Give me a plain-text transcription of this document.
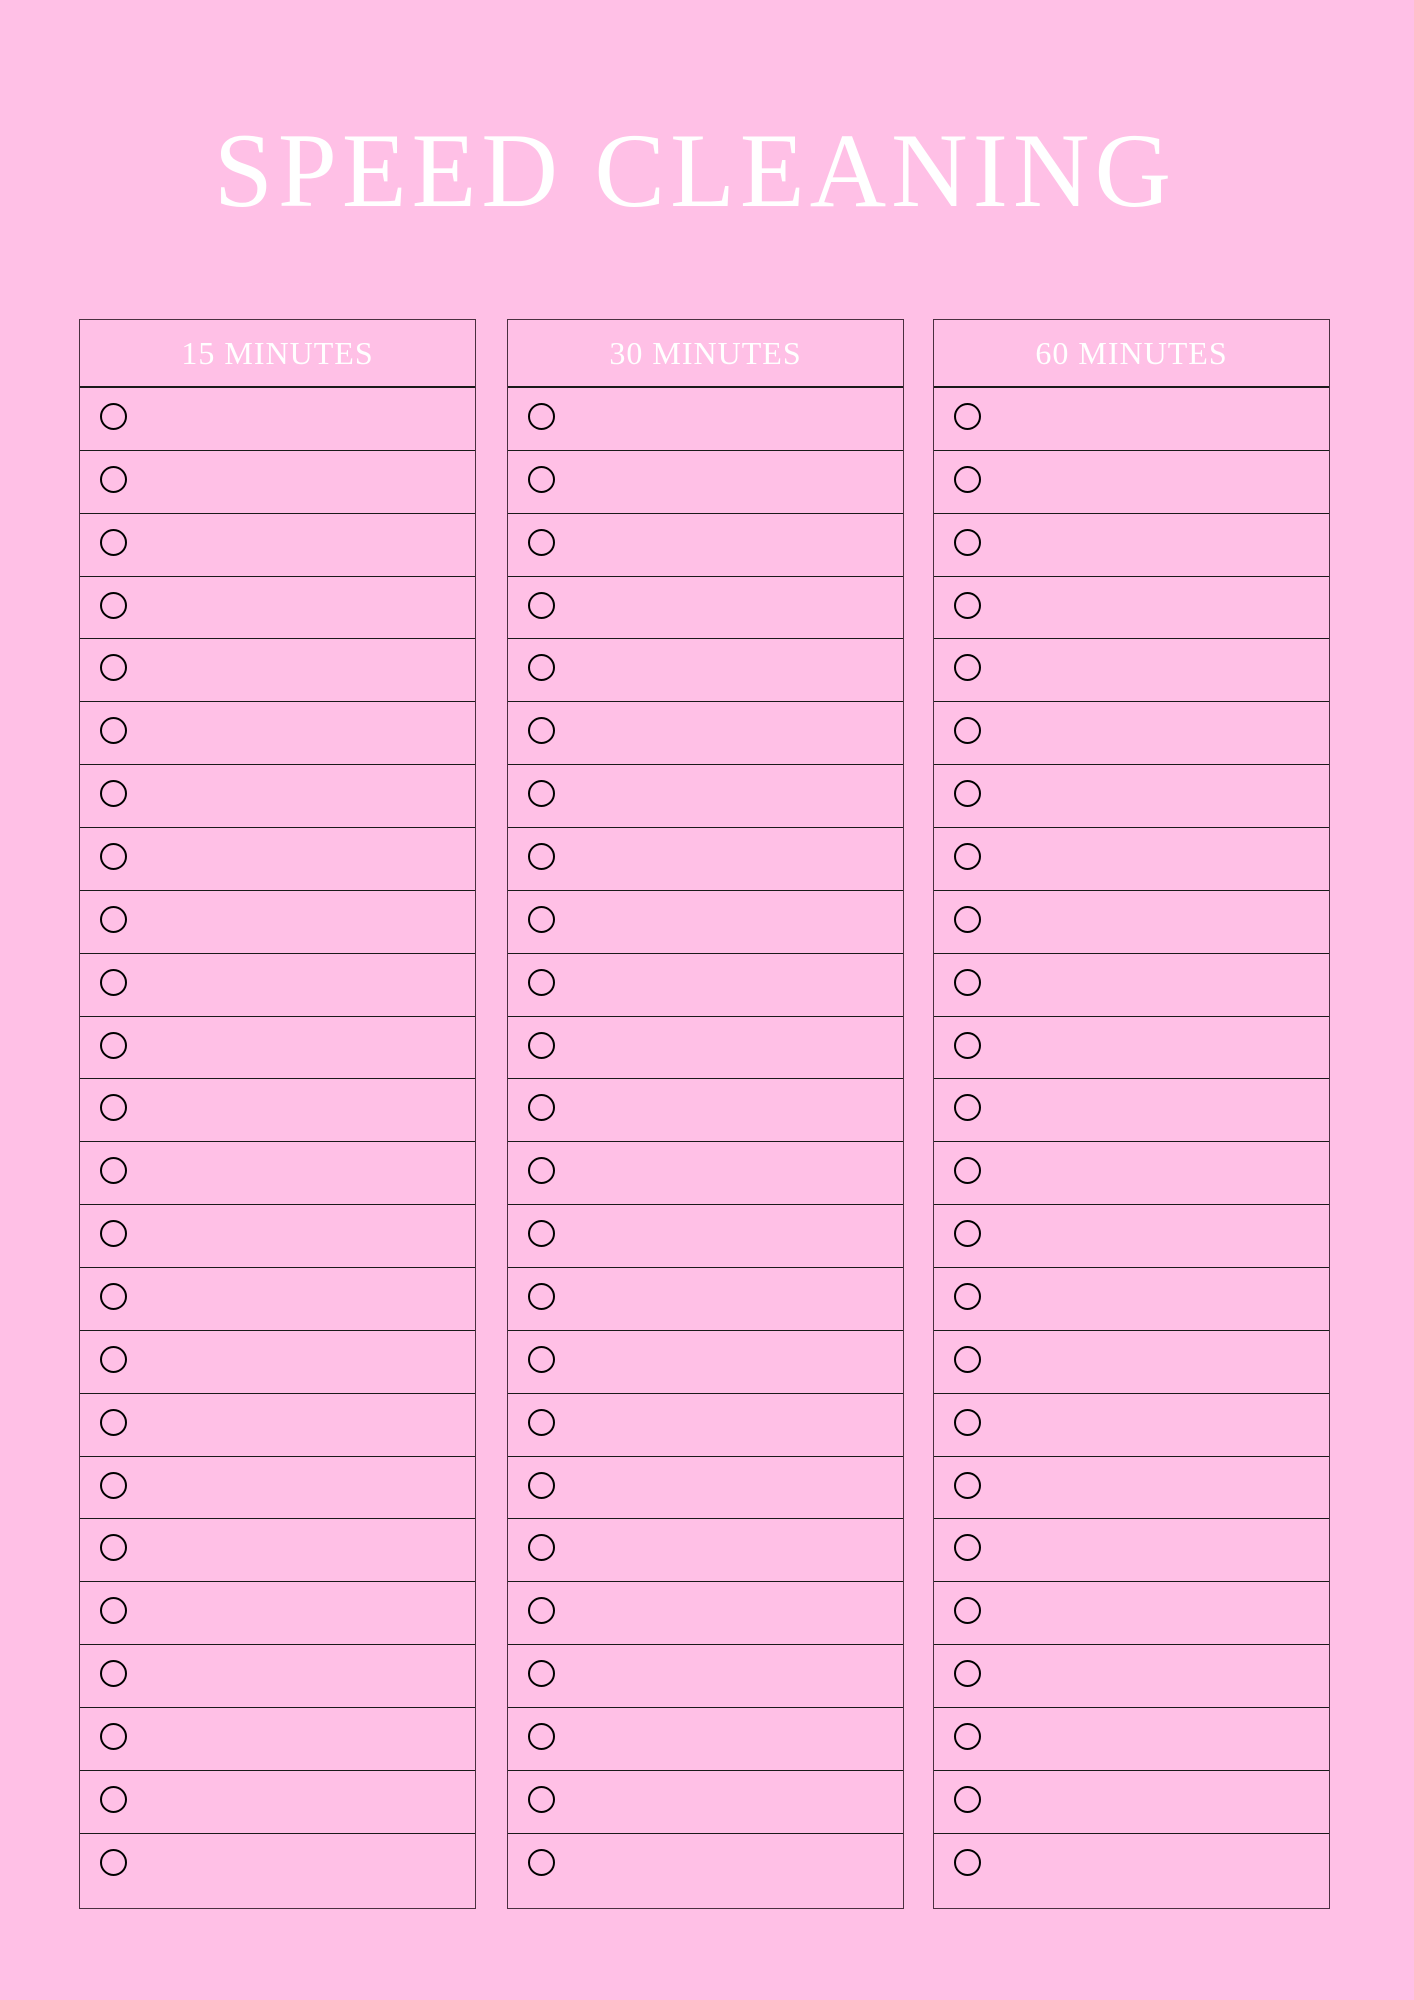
SPEED CLEANING
15 MINUTES	30 MINUTES	60 MINUTES
